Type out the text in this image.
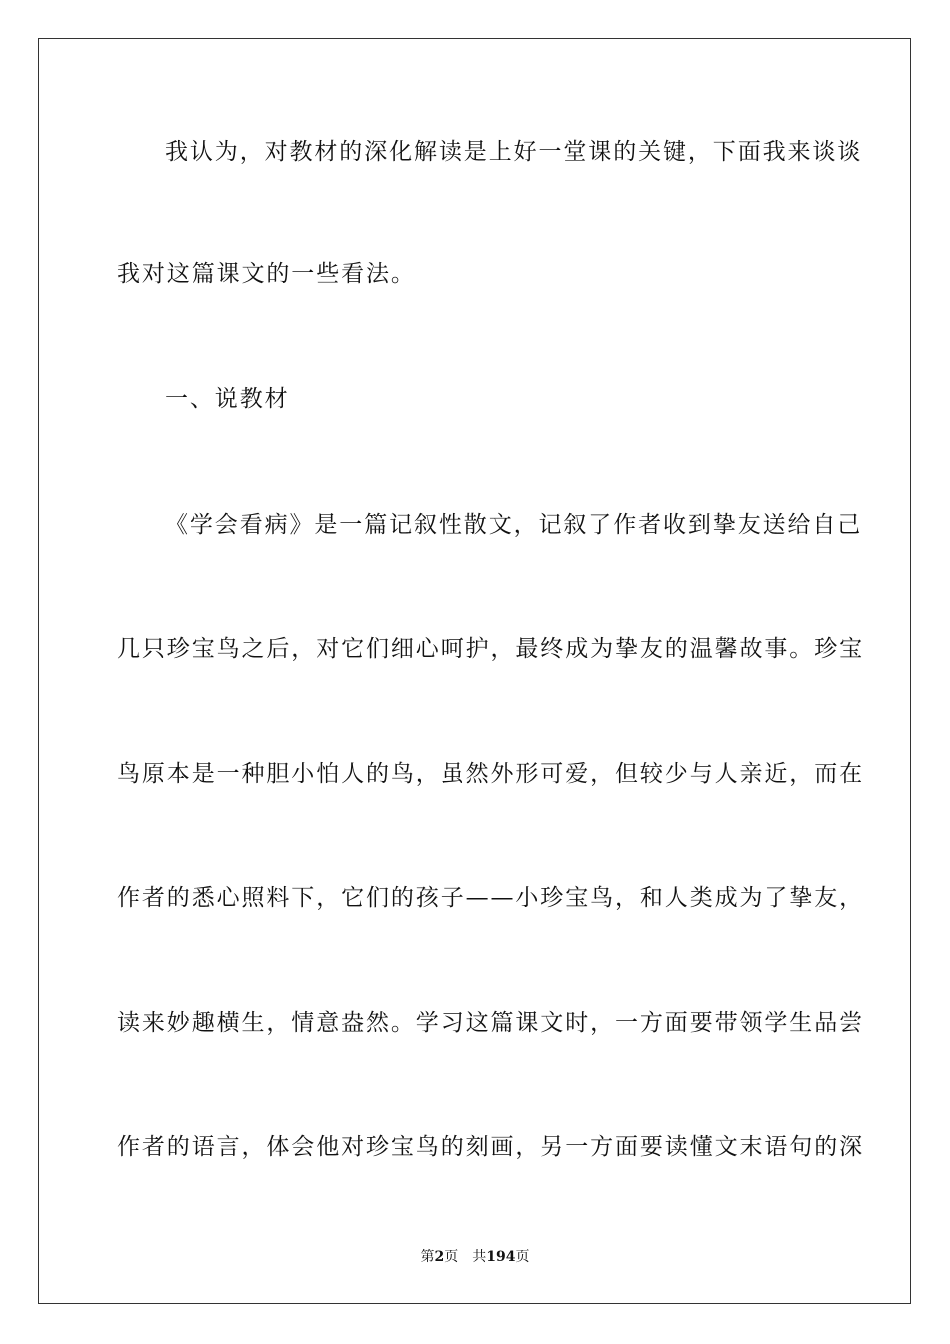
我认为，对教材的深化解读是上好一堂课的关键，下面我来谈谈
我对这篇课文的一些看法。
一、说教材
《学会看病》是一篇记叙性散文，记叙了作者收到挚友送给自己
几只珍宝鸟之后，对它们细心呵护，最终成为挚友的温馨故事。珍宝
鸟原本是一种胆小怕人的鸟，虽然外形可爱，但较少与人亲近，而在
作者的悉心照料下，它们的孩子——小珍宝鸟，和人类成为了挚友，
读来妙趣横生，情意盎然。学习这篇课文时，一方面要带领学生品尝
作者的语言，体会他对珍宝鸟的刻画，另一方面要读懂文末语句的深
第2页 共194页
